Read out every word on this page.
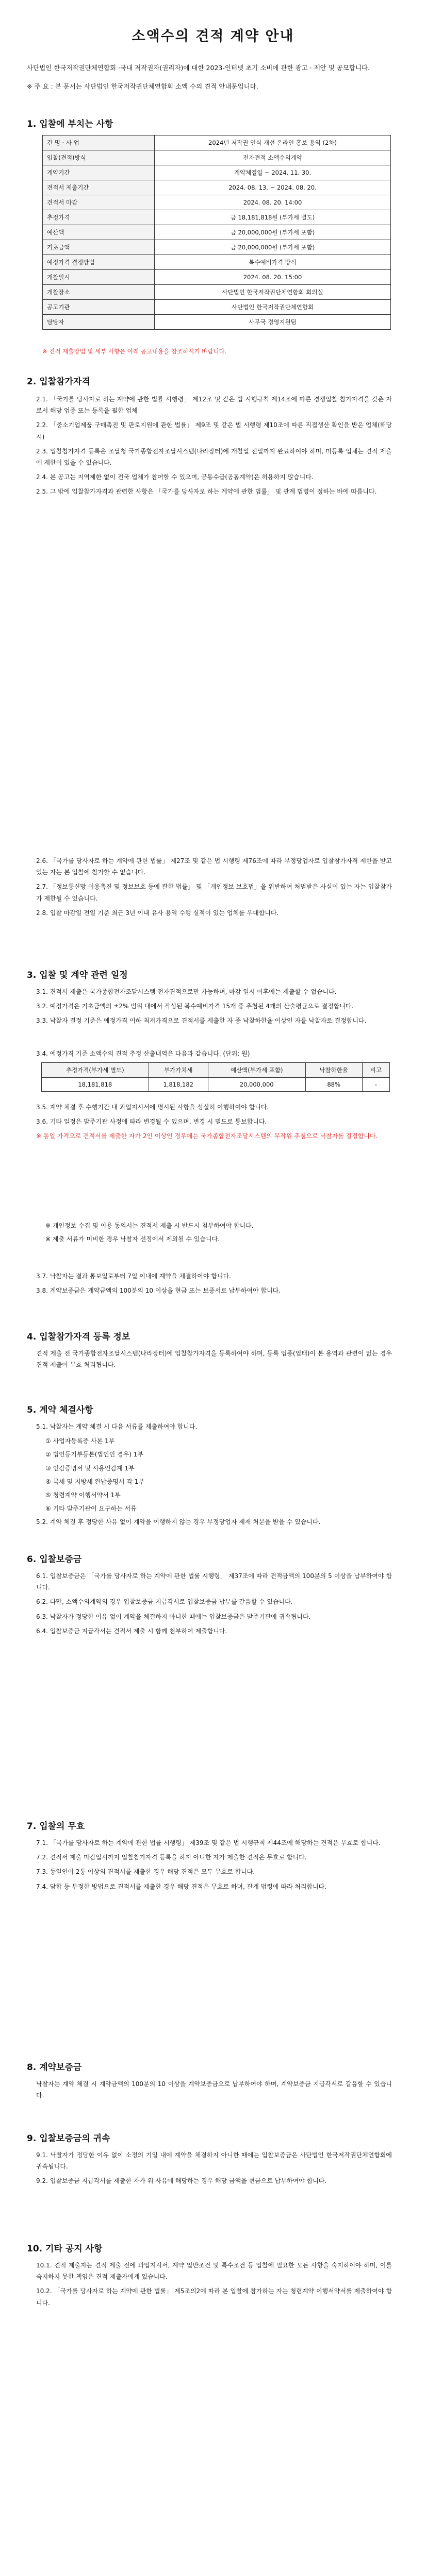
소액수의 견적 계약 안내

사단법인 한국저작권단체연합회 ·국내 저작권자(권리자)에 대한 2023-인터넷 초기 소비에 관한 광고 · 제안 및 공모합니다.
※ 주 요 : 본 문서는 사단법인 한국저작권단체연합회 소액 수의 견적 안내문입니다.

1. 입찰에 부치는 사항
건 명 · 사 업	2024년 저작권 인식 개선 온라인 홍보 용역 (2차)
입찰(견적)방식	전자견적 소액수의계약
계약기간	계약체결일 ~ 2024. 11. 30.
견적서 제출기간	2024. 08. 13. ~ 2024. 08. 20.
견적서 마감	2024. 08. 20. 14:00
추정가격	금 18,181,818원 (부가세 별도)
예산액	금 20,000,000원 (부가세 포함)
기초금액	금 20,000,000원 (부가세 포함)
예정가격 결정방법	복수예비가격 방식
개찰일시	2024. 08. 20. 15:00
개찰장소	사단법인 한국저작권단체연합회 회의실
공고기관	사단법인 한국저작권단체연합회
담당자	사무국 경영지원팀

※ 견적 제출방법 및 세부 사항은 아래 공고내용을 참조하시기 바랍니다.

2. 입찰참가자격
2.1. 「국가를 당사자로 하는 계약에 관한 법률 시행령」 제12조 및 같은 법 시행규칙 제14조에 따른 경쟁입찰 참가자격을 갖춘 자로서 해당 업종 또는 등록을 필한 업체
2.2. 「중소기업제품 구매촉진 및 판로지원에 관한 법률」 제9조 및 같은 법 시행령 제10조에 따른 직접생산 확인을 받은 업체(해당 시)
2.3. 입찰참가자격 등록은 조달청 국가종합전자조달시스템(나라장터)에 개찰일 전일까지 완료하여야 하며, 미등록 업체는 견적 제출에 제한이 있을 수 있습니다.
2.4. 본 공고는 지역제한 없이 전국 업체가 참여할 수 있으며, 공동수급(공동계약)은 허용하지 않습니다.
2.5. 그 밖에 입찰참가자격과 관련한 사항은 「국가를 당사자로 하는 계약에 관한 법률」 및 관계 법령이 정하는 바에 따릅니다.
2.6. 「국가를 당사자로 하는 계약에 관한 법률」 제27조 및 같은 법 시행령 제76조에 따라 부정당업자로 입찰참가자격 제한을 받고 있는 자는 본 입찰에 참가할 수 없습니다.
2.7. 「정보통신망 이용촉진 및 정보보호 등에 관한 법률」 및 「개인정보 보호법」을 위반하여 처벌받은 사실이 있는 자는 입찰참가가 제한될 수 있습니다.
2.8. 입찰 마감일 전일 기준 최근 3년 이내 유사 용역 수행 실적이 있는 업체를 우대합니다.
3. 입찰 및 계약 관련 일정
3.1. 견적서 제출은 국가종합전자조달시스템 전자견적으로만 가능하며, 마감 일시 이후에는 제출할 수 없습니다.
3.2. 예정가격은 기초금액의 ±2% 범위 내에서 작성된 복수예비가격 15개 중 추첨된 4개의 산술평균으로 결정합니다.
3.3. 낙찰자 결정 기준은 예정가격 이하 최저가격으로 견적서를 제출한 자 중 낙찰하한율 이상인 자를 낙찰자로 결정합니다.

3.4. 예정가격 기준 소액수의 견적 추정 산출내역은 다음과 같습니다. (단위: 원)

추정가격(부가세 별도)	부가가치세	예산액(부가세 포함)	낙찰하한율	비고
18,181,818	1,818,182	20,000,000	88%	-
3.5. 계약 체결 후 수행기간 내 과업지시서에 명시된 사항을 성실히 이행하여야 합니다.
3.6. 기타 일정은 발주기관 사정에 따라 변경될 수 있으며, 변경 시 별도로 통보합니다.
※ 동일 가격으로 견적서를 제출한 자가 2인 이상인 경우에는 국가종합전자조달시스템의 무작위 추첨으로 낙찰자를 결정합니다.
※ 개인정보 수집 및 이용 동의서는 견적서 제출 시 반드시 첨부하여야 합니다.
※ 제출 서류가 미비한 경우 낙찰자 선정에서 제외될 수 있습니다.
3.7. 낙찰자는 결과 통보일로부터 7일 이내에 계약을 체결하여야 합니다.
3.8. 계약보증금은 계약금액의 100분의 10 이상을 현금 또는 보증서로 납부하여야 합니다.
4. 입찰참가자격 등록 정보

견적 제출 전 국가종합전자조달시스템(나라장터)에 입찰참가자격을 등록하여야 하며, 등록 업종(업태)이 본 용역과 관련이 없는 경우 견적 제출이 무효 처리됩니다.

5. 계약 체결사항
5.1. 낙찰자는 계약 체결 시 다음 서류를 제출하여야 합니다.
① 사업자등록증 사본 1부
② 법인등기부등본(법인인 경우) 1부
③ 인감증명서 및 사용인감계 1부
④ 국세 및 지방세 완납증명서 각 1부
⑤ 청렴계약 이행서약서 1부
⑥ 기타 발주기관이 요구하는 서류
5.2. 계약 체결 후 정당한 사유 없이 계약을 이행하지 않는 경우 부정당업자 제재 처분을 받을 수 있습니다.
6. 입찰보증금
6.1. 입찰보증금은 「국가를 당사자로 하는 계약에 관한 법률 시행령」 제37조에 따라 견적금액의 100분의 5 이상을 납부하여야 합니다.
6.2. 다만, 소액수의계약의 경우 입찰보증금 지급각서로 입찰보증금 납부를 갈음할 수 있습니다.
6.3. 낙찰자가 정당한 이유 없이 계약을 체결하지 아니한 때에는 입찰보증금은 발주기관에 귀속됩니다.
6.4. 입찰보증금 지급각서는 견적서 제출 시 함께 첨부하여 제출합니다.
7. 입찰의 무효
7.1. 「국가를 당사자로 하는 계약에 관한 법률 시행령」 제39조 및 같은 법 시행규칙 제44조에 해당하는 견적은 무효로 합니다.
7.2. 견적서 제출 마감일시까지 입찰참가자격 등록을 하지 아니한 자가 제출한 견적은 무효로 합니다.
7.3. 동일인이 2통 이상의 견적서를 제출한 경우 해당 견적은 모두 무효로 합니다.
7.4. 담합 등 부정한 방법으로 견적서를 제출한 경우 해당 견적은 무효로 하며, 관계 법령에 따라 처리합니다.
8. 계약보증금

낙찰자는 계약 체결 시 계약금액의 100분의 10 이상을 계약보증금으로 납부하여야 하며, 계약보증금 지급각서로 갈음할 수 있습니다.

9. 입찰보증금의 귀속
9.1. 낙찰자가 정당한 이유 없이 소정의 기일 내에 계약을 체결하지 아니한 때에는 입찰보증금은 사단법인 한국저작권단체연합회에 귀속됩니다.
9.2. 입찰보증금 지급각서를 제출한 자가 위 사유에 해당하는 경우 해당 금액을 현금으로 납부하여야 합니다.
10. 기타 공지 사항
10.1. 견적 제출자는 견적 제출 전에 과업지시서, 계약 일반조건 및 특수조건 등 입찰에 필요한 모든 사항을 숙지하여야 하며, 이를 숙지하지 못한 책임은 견적 제출자에게 있습니다.
10.2. 「국가를 당사자로 하는 계약에 관한 법률」 제5조의2에 따라 본 입찰에 참가하는 자는 청렴계약 이행서약서를 제출하여야 합니다.
